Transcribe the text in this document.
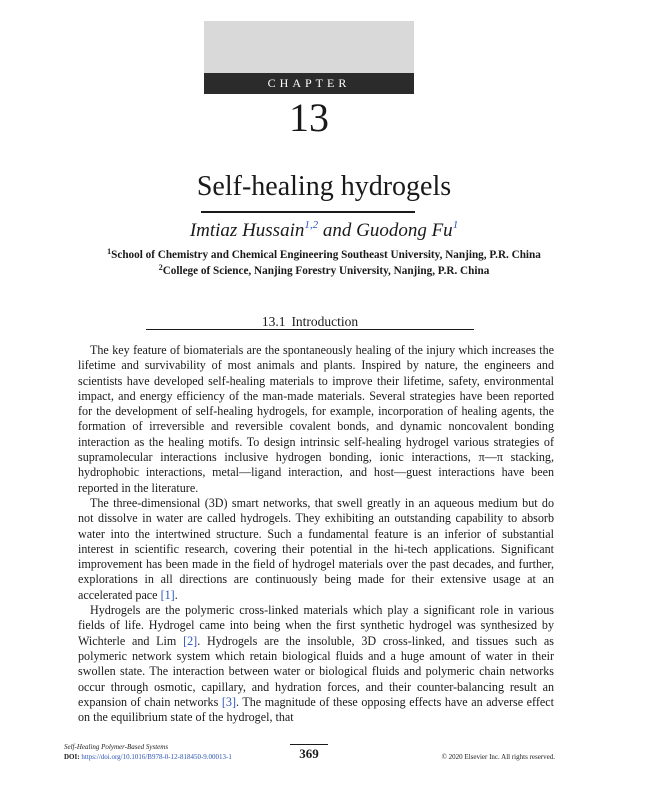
CHAPTER
13
Self-healing hydrogels
Imtiaz Hussain$^{1,2}$ and Guodong Fu$^1$
$^1$School of Chemistry and Chemical Engineering Southeast University, Nanjing, P.R. China
$^2$College of Science, Nanjing Forestry University, Nanjing, P.R. China
13.1 Introduction

The key feature of biomaterials are the spontaneously healing of the injury which increases the lifetime and survivability of most animals and plants. Inspired by nature, the engineers and scientists have developed self-healing materials to improve their lifetime, safety, environmental impact, and energy efficiency of the man-made materials. Several strategies have been reported for the development of self-healing hydrogels, for example, incorporation of healing agents, the formation of irreversible and reversible covalent bonds, and dynamic noncovalent bonding interaction as the healing motifs. To design intrinsic self-healing hydrogel various strategies of supramolecular interactions inclusive hydrogen bonding, ionic interactions, π—π stacking, hydrophobic interactions, metal—ligand interaction, and host—guest interactions have been reported in the literature.

The three-dimensional (3D) smart networks, that swell greatly in an aqueous medium but do not dissolve in water are called hydrogels. They exhibiting an outstanding capability to absorb water into the intertwined structure. Such a fundamental feature is an inferior of substantial interest in scientific research, covering their potential in the hi-tech applications. Significant improvement has been made in the field of hydrogel materials over the past decades, and further, explorations in all directions are continuously being made for their extensive usage at an accelerated pace [1].

Hydrogels are the polymeric cross-linked materials which play a significant role in various fields of life. Hydrogel came into being when the first synthetic hydrogel was synthesized by Wichterle and Lim [2]. Hydrogels are the insoluble, 3D cross-linked, and tissues such as polymeric network system which retain biological fluids and a huge amount of water in their swollen state. The interaction between water or biological fluids and polymeric chain networks occur through osmotic, capillary, and hydration forces, and their counter-balancing result an expansion of chain networks [3]. The magnitude of these opposing effects have an adverse effect on the equilibrium state of the hydrogel, that

Self-Healing Polymer-Based Systems
DOI: https://doi.org/10.1016/B978-0-12-818450-9.00013-1	369	© 2020 Elsevier Inc. All rights reserved.
